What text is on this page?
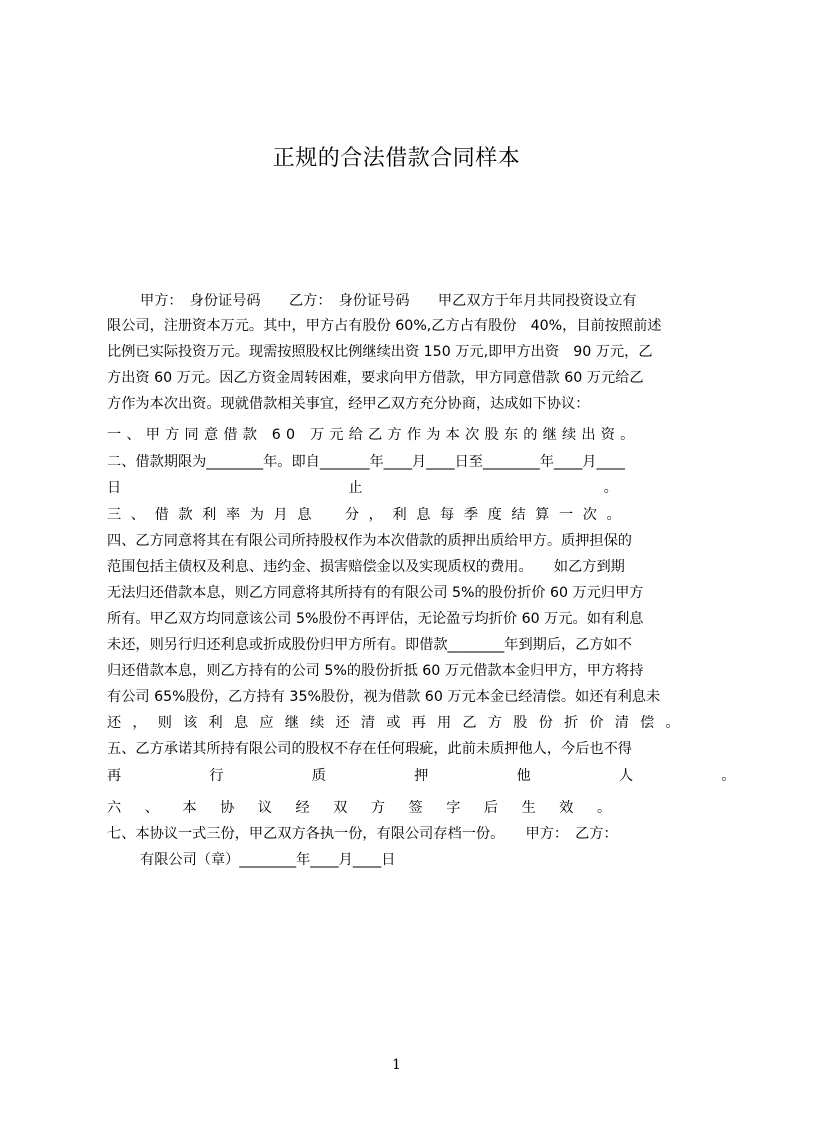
正规的合法借款合同样本
甲方：　身份证号码　　乙方：　身份证号码　　甲乙双方于年月共同投资设立有
限公司，注册资本万元。其中，甲方占有股份 60%,乙方占有股份　40%，目前按照前述
比例已实际投资万元。现需按照股权比例继续出资 150 万元,即甲方出资　90 万元，乙
方出资 60 万元。因乙方资金周转困难，要求向甲方借款，甲方同意借款 60 万元给乙
方作为本次出资。现就借款相关事宜，经甲乙双方充分协商，达成如下协议：
一、甲方同意借款 60 万元给乙方作为本次股东的继续出资。
二、借款期限为________年。即自_______年____月____日至________年____月____
日　　　　　　　　　　　　　　　　止　　　　　　　　　　　　　　　　　。
三、借款利率为月息　分，利息每季度结算一次。
四、乙方同意将其在有限公司所持股权作为本次借款的质押出质给甲方。质押担保的
范围包括主债权及利息、违约金、损害赔偿金以及实现质权的费用。　　如乙方到期
无法归还借款本息，则乙方同意将其所持有的有限公司 5%的股份折价 60 万元归甲方
所有。甲乙双方均同意该公司 5%股份不再评估，无论盈亏均折价 60 万元。如有利息
未还，则另行归还利息或折成股份归甲方所有。即借款________年到期后，乙方如不
归还借款本息，则乙方持有的公司 5%的股份折抵 60 万元借款本金归甲方，甲方将持
有公司 65%股份，乙方持有 35%股份，视为借款 60 万元本金已经清偿。如还有利息未
还，则该利息应继续还清或再用乙方股份折价清偿。
五、乙方承诺其所持有限公司的股权不存在任何瑕疵，此前未质押他人，今后也不得
再　行　质　押　他　人　。
六、本协议经双方签字后生效。
七、本协议一式三份，甲乙双方各执一份，有限公司存档一份。　　甲方：　乙方：
有限公司（章）________年____月____日
1
